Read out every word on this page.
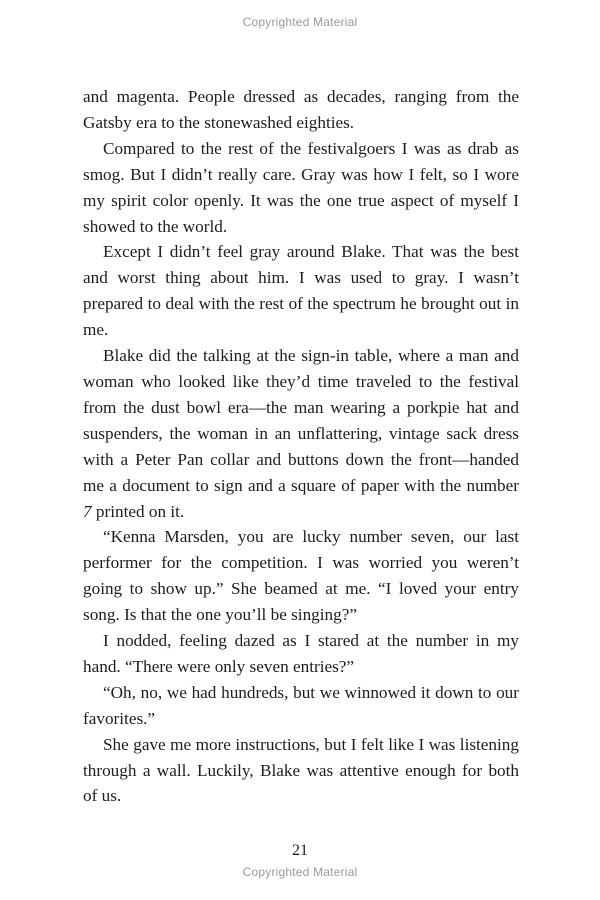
Copyrighted Material

and magenta. People dressed as decades, ranging from the Gatsby era to the stonewashed eighties.

Compared to the rest of the festivalgoers I was as drab as smog. But I didn’t really care. Gray was how I felt, so I wore my spirit color openly. It was the one true aspect of myself I showed to the world.

Except I didn’t feel gray around Blake. That was the best and worst thing about him. I was used to gray. I wasn’t prepared to deal with the rest of the spectrum he brought out in me.

Blake did the talking at the sign-in table, where a man and woman who looked like they’d time traveled to the festival from the dust bowl era—the man wearing a porkpie hat and suspenders, the woman in an unflattering, vintage sack dress with a Peter Pan collar and buttons down the front—handed me a document to sign and a square of paper with the number 7 printed on it.

“Kenna Marsden, you are lucky number seven, our last performer for the competition. I was worried you weren’t going to show up.” She beamed at me. “I loved your entry song. Is that the one you’ll be singing?”

I nodded, feeling dazed as I stared at the number in my hand. “There were only seven entries?”

“Oh, no, we had hundreds, but we winnowed it down to our favorites.”

She gave me more instructions, but I felt like I was listening through a wall. Luckily, Blake was attentive enough for both of us.

21
Copyrighted Material
